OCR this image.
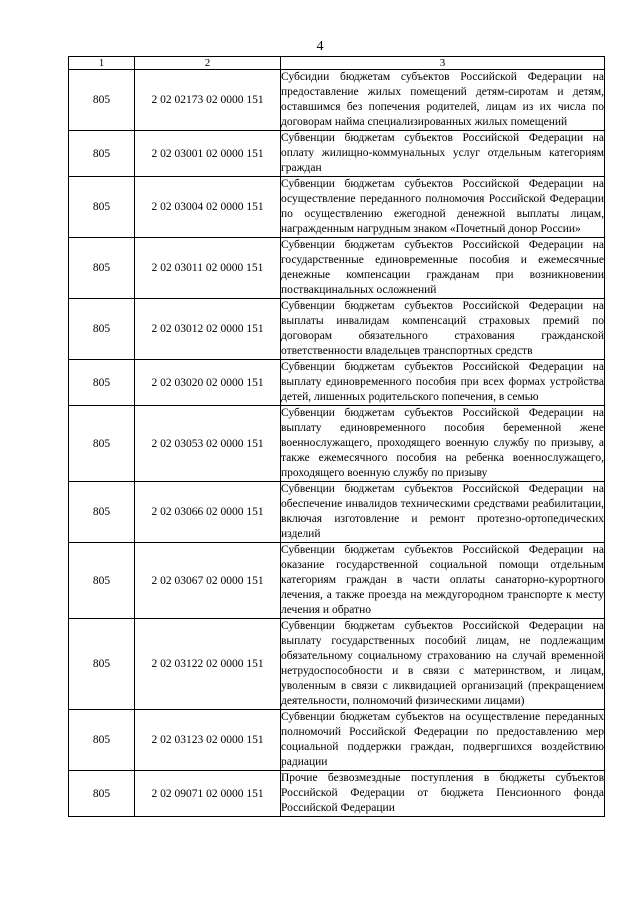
4
1	2	3
805	2 02 02173 02 0000 151	Субсидии бюджетам субъектов Российской Федерации на предоставление жилых помещений детям-сиротам и детям, оставшимся без попечения родителей, лицам из их числа по договорам найма специализированных жилых помещений
805	2 02 03001 02 0000 151	Субвенции бюджетам субъектов Российской Федерации на оплату жилищно-коммунальных услуг отдельным категориям граждан
805	2 02 03004 02 0000 151	Субвенции бюджетам субъектов Российской Федерации на осуществление переданного полномочия Российской Федерации по осуществлению ежегодной денежной выплаты лицам, награжденным нагрудным знаком «Почетный донор России»
805	2 02 03011 02 0000 151	Субвенции бюджетам субъектов Российской Федерации на государственные единовременные пособия и ежемесячные денежные компенсации гражданам при возникновении поствакцинальных осложнений
805	2 02 03012 02 0000 151	Субвенции бюджетам субъектов Российской Федерации на выплаты инвалидам компенсаций страховых премий по договорам обязательного страхования гражданской ответственности владельцев транспортных средств
805	2 02 03020 02 0000 151	Субвенции бюджетам субъектов Российской Федерации на выплату единовременного пособия при всех формах устройства детей, лишенных родительского попечения, в семью
805	2 02 03053 02 0000 151	Субвенции бюджетам субъектов Российской Федерации на выплату единовременного пособия беременной жене военнослужащего, проходящего военную службу по призыву, а также ежемесячного пособия на ребенка военнослужащего, проходящего военную службу по призыву
805	2 02 03066 02 0000 151	Субвенции бюджетам субъектов Российской Федерации на обеспечение инвалидов техническими средствами реабилитации, включая изготовление и ремонт протезно-ортопедических изделий
805	2 02 03067 02 0000 151	Субвенции бюджетам субъектов Российской Федерации на оказание государственной социальной помощи отдельным категориям граждан в части оплаты санаторно-курортного лечения, а также проезда на междугородном транспорте к месту лечения и обратно
805	2 02 03122 02 0000 151	Субвенции бюджетам субъектов Российской Федерации на выплату государственных пособий лицам, не подлежащим обязательному социальному страхованию на случай временной нетрудоспособности и в связи с материнством, и лицам, уволенным в связи с ликвидацией организаций (прекращением деятельности, полномочий физическими лицами)
805	2 02 03123 02 0000 151	Субвенции бюджетам субъектов на осуществление переданных полномочий Российской Федерации по предоставлению мер социальной поддержки граждан, подвергшихся воздействию радиации
805	2 02 09071 02 0000 151	Прочие безвозмездные поступления в бюджеты субъектов Российской Федерации от бюджета Пенсионного фонда Российской Федерации
